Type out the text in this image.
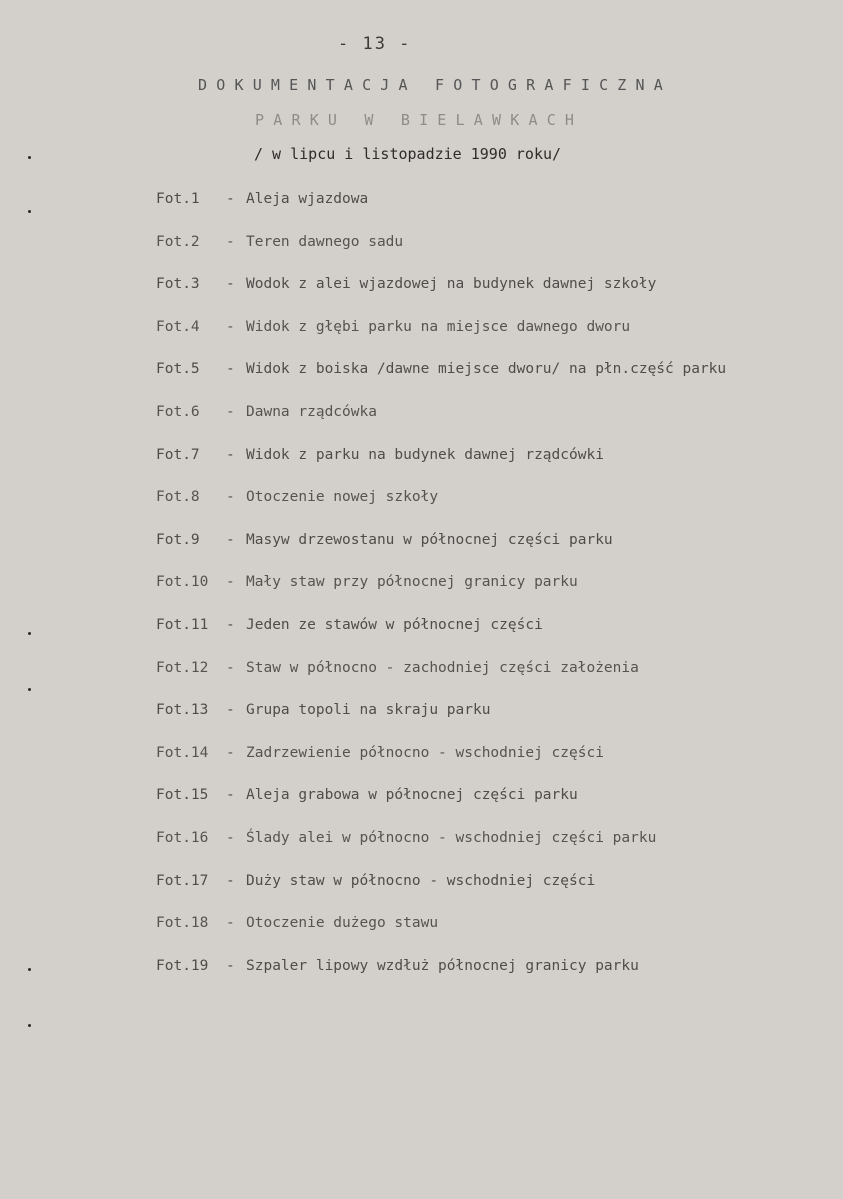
- 13 -
DOKUMENTACJA FOTOGRAFICZNA
PARKU W BIELAWKACH
/ w lipcu i listopadzie 1990 roku/
Fot.1 - Aleja wjazdowa
Fot.2 - Teren dawnego sadu
Fot.3 - Wodok z alei wjazdowej na budynek dawnej szkoły
Fot.4 - Widok z głębi parku na miejsce dawnego dworu
Fot.5 - Widok z boiska /dawne miejsce dworu/ na płn.część parku
Fot.6 - Dawna rządcówka
Fot.7 - Widok z parku na budynek dawnej rządcówki
Fot.8 - Otoczenie nowej szkoły
Fot.9 - Masyw drzewostanu w północnej części parku
Fot.10 - Mały staw przy północnej granicy parku
Fot.11 - Jeden ze stawów w północnej części
Fot.12 - Staw w północno - zachodniej części założenia
Fot.13 - Grupa topoli na skraju parku
Fot.14 - Zadrzewienie północno - wschodniej części
Fot.15 - Aleja grabowa w północnej części parku
Fot.16 - Ślady alei w północno - wschodniej części parku
Fot.17 - Duży staw w północno - wschodniej części
Fot.18 - Otoczenie dużego stawu
Fot.19 - Szpaler lipowy wzdłuż północnej granicy parku
